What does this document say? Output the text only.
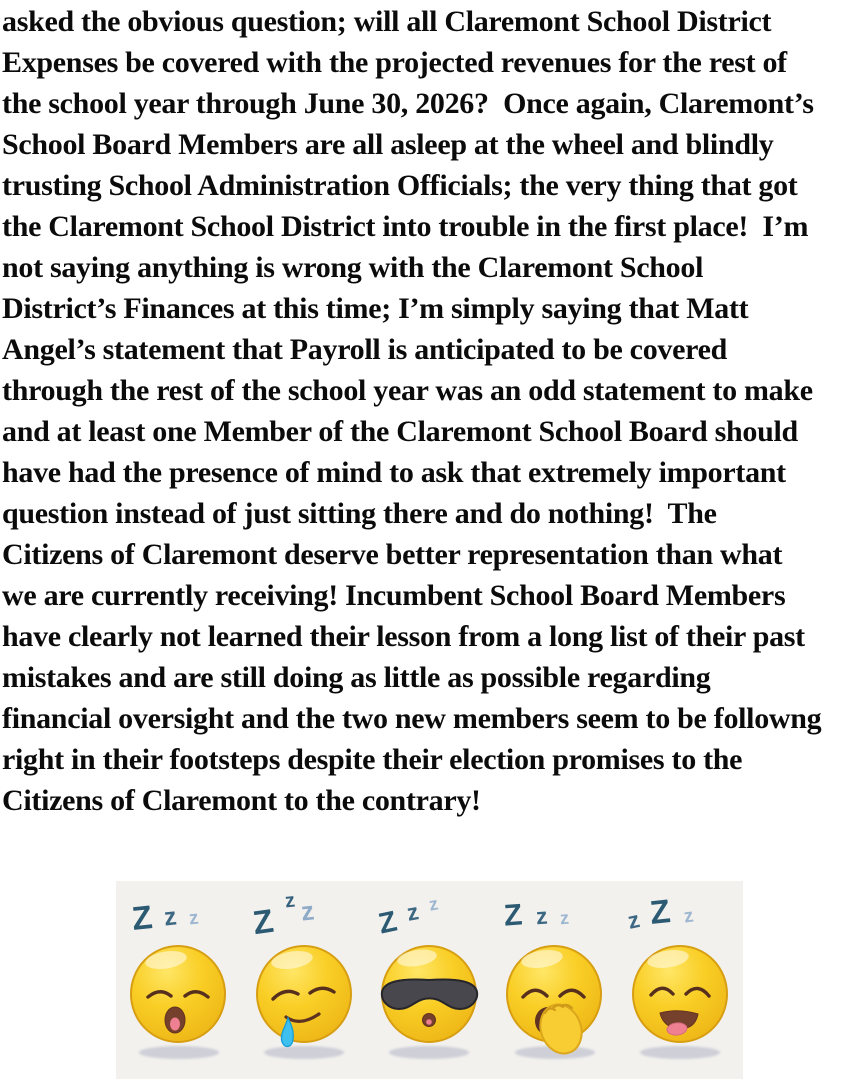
asked the obvious question; will all Claremont School District
Expenses be covered with the projected revenues for the rest of
the school year through June 30, 2026?  Once again, Claremont’s
School Board Members are all asleep at the wheel and blindly
trusting School Administration Officials; the very thing that got
the Claremont School District into trouble in the first place!  I’m
not saying anything is wrong with the Claremont School
District’s Finances at this time; I’m simply saying that Matt
Angel’s statement that Payroll is anticipated to be covered
through the rest of the school year was an odd statement to make
and at least one Member of the Claremont School Board should
have had the presence of mind to ask that extremely important
question instead of just sitting there and do nothing!  The
Citizens of Claremont deserve better representation than what
we are currently receiving! Incumbent School Board Members
have clearly not learned their lesson from a long list of their past
mistakes and are still doing as little as possible regarding
financial oversight and the two new members seem to be followng
right in their footsteps despite their election promises to the
Citizens of Claremont to the contrary!
Z z z Z
z z Z z z Z z z z Z z
